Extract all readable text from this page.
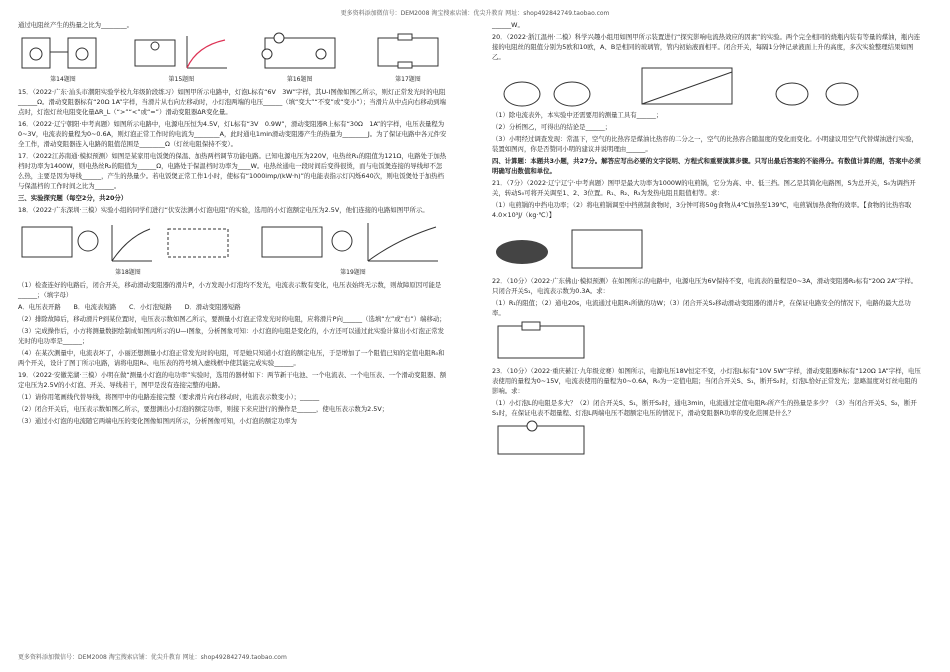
更多资料添加微信号：DEM2008 淘宝搜索店铺：优尖升教育 网址：shop492842749.taobao.com

通过电阻丝产生的热量之比为________。

第14题图	第15题图	第16题图	第17题图

15．（2022·广东·汕头市潮阳实验学校九年级阶段练习）如图甲所示电路中，灯泡L标有“6V　3W”字样，其U-I图像如图乙所示，则灯正常发光时的电阻______Ω。滑动变阻器标有“20Ω 1A”字样，当滑片从右向左移动时，小灯泡两端的电压______（填“变大”“不变”或“变小”）；当滑片从中点向右移动到端点时，灯泡灯丝电阻变化量ΔR_L（“>”“<”或“=”）滑动变阻器ΔR变化量。

16．（2022·辽宁朝阳·中考真题）如图所示电路中，电源电压恒为4.5V，灯L标有“3V　0.9W”，滑动变阻器R上标有“30Ω　1A”的字样，电压表量程为0~3V，电流表的量程为0~0.6A，则灯泡正常工作时的电流为________A，此时通电1min滑动变阻器产生的热量为________J。为了保证电路中各元件安全工作，滑动变阻器连入电路的阻值范围是________Ω（灯丝电阻保持不变）。

17．（2022江苏南通·模拟预测）如图是某家用电饭煲的保温、加热两档调节功能电路。已知电源电压为220V，电热丝R₁的阻值为121Ω，电路处于加热档时功率为1400W，则电热丝R₂的阻值为______Ω，电路处于保温档时功率为____W。电热丝通电一段时间后变得很烫，而与电饭煲连接的导线却不怎么热，主要是因为导线______，产生的热量少。若电饭煲正常工作1小时，使标有“1000imp/(kW·h)”的电能表指示灯闪烁640次，则电饭煲处于加热档与保温档的工作时间之比为______。

三、实验探究题（每空2分，共20分）

18．（2022·广东深圳·三模）实验小组的同学们进行“伏安法测小灯泡电阻”的实验，选用的小灯泡额定电压为2.5V，他们连接的电路如图甲所示。

第18题图	第19题图

（1）检查连好的电路后，闭合开关，移动滑动变阻器的滑片P，小方发现小灯泡均不发光，电流表示数有变化，电压表始终无示数，则故障原因可能是______；（填字母）

A．电压表开路　　B．电流表短路　　C．小灯泡短路　　D．滑动变阻器短路

（2）排除故障后，移动滑片P到某位置时，电压表示数如图乙所示，要测量小灯泡正常发光时的电阻，应将滑片P向______（选填“左”或“右”）端移动；

（3）完成操作后，小方将测量数据绘制成如图丙所示的U—I图象，分析图象可知：小灯泡的电阻是变化的，小方还可以通过此实验计算出小灯泡正常发光时的电功率是______；

（4）在某次测量中，电流表坏了，小丽还想测量小灯泡正常发光时的电阻，可是她只知道小灯泡的额定电压，于是增加了一个阻值已知的定值电阻R₀和两个开关，设计了图丁所示电路，请将电阻R₀、电压表的符号填入虚线框中使其能完成实验______。

19．（2022·安徽芜湖·三模）小明在做“测量小灯泡的电功率”实验时，选用的器材如下：两节新干电池、一个电流表、一个电压表、一个滑动变阻器、额定电压为2.5V的小灯泡、开关、导线若干，图甲是没有连接完整的电路。

（1）请你用笔画线代替导线，将图甲中的电路连接完整（要求滑片向右移动时，电流表示数变小）；______

（2）闭合开关后，电压表示数如图乙所示，要想测出小灯泡的额定功率，则接下来应进行的操作是______，使电压表示数为2.5V；

（3）通过小灯泡的电流随它两端电压的变化图像如图丙所示，分析图像可知，小灯泡的额定功率为

______W。

20．（2022·浙江温州·二模）科学兴趣小组用如图甲所示装置进行“探究影响电流热效应的因素”的实验。两个完全相同的烧瓶内装有等量的煤油，瓶内连接的电阻丝的阻值分别为5欧和10欧，A、B是相同的玻璃管，管内初始液面相平。闭合开关，每隔1分钟记录液面上升的高度，多次实验整理结果如图乙。

（1）除电流表外，本实验中还需要用的测量工具有______；

（2）分析图乙，可得出的结论是______；

（3）小明经过调查发现：常温下，空气的比热容是煤油比热容的二分之一，空气的比热容合随温度的变化而变化。小明建议用空气代替煤油进行实验，装置如图丙，你是否赞同小明的建议并说明理由______。

四、计算题：本题共3小题，共27分。解答应写出必要的文字说明、方程式和重要演算步骤。只写出最后答案的不能得分。有数值计算的题，答案中必须明确写出数值和单位。

21．（7分）（2022·辽宁辽宁·中考真题）图甲是最大功率为1000W的电煎锅，它分为高、中、低三挡。图乙是其简化电路图，S为总开关，S₀为调挡开关，转动S₀可将开关调至1、2、3位置。R₁、R₂、R₃为发热电阻且阻值相等。求：

（1）电煎锅的中挡电功率；（2）将电煎锅调至中挡煎制食物时，3分钟可将50g食物从4℃加热至139℃，电煎锅加热食物的效率。【食物的比热容取4.0×10³J/（kg·℃）】

22．（10分）（2022·广东佛山·模拟预测）在如图所示的电路中，电源电压为6V保持不变，电流表的量程是0~3A，滑动变阻器R₂标有“20Ω 2A”字样。只闭合开关S₁，电流表示数为0.3A。求：

（1）R₁的阻值；（2）通电20s，电流通过电阻R₁所做的功W；（3）闭合开关S₂移动滑动变阻器的滑片P，在保证电路安全的情况下，电路的最大总功率。

23．（10分）（2022·重庆綦江·九年级竞赛）如图所示，电源电压18V恒定不变，小灯泡L标有“10V 5W”字样，滑动变阻器R标有“120Ω 1A”字样，电压表使用的量程为0~15V，电流表使用的量程为0~0.6A，R₀为一定值电阻；当闭合开关S、S₁，断开S₂时，灯泡L恰好正常发光；忽略温度对灯丝电阻的影响。求：

（1）小灯泡L的电阻是多大？（2）闭合开关S、S₁，断开S₂时，通电3min，电流通过定值电阻R₀所产生的热量是多少？（3）当闭合开关S、S₂，断开S₁时，在保证电表不超量程、灯泡L两端电压不超额定电压的情况下，滑动变阻器R功率的变化范围是什么？

更多资料添加微信号：DEM2008 淘宝搜索店铺：优尖升教育 网址：shop492842749.taobao.com
